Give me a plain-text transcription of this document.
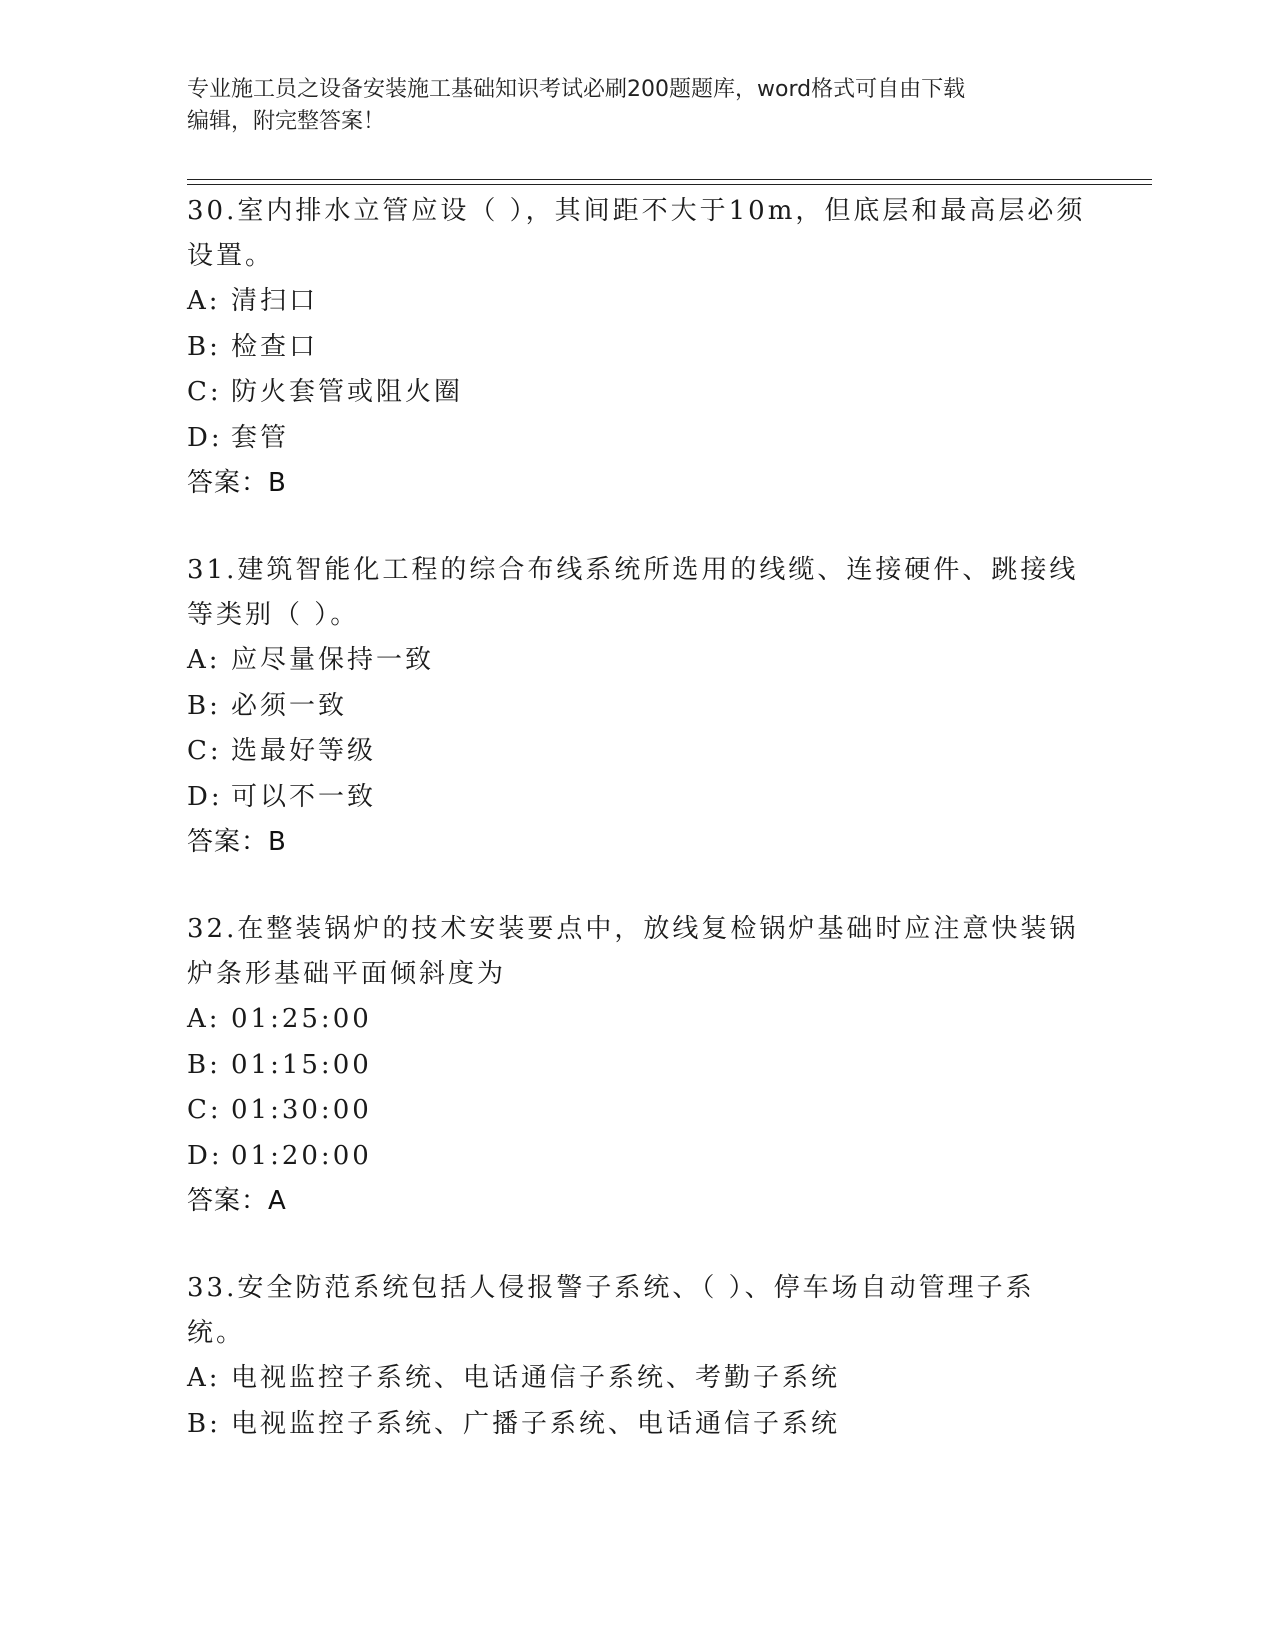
专业施工员之设备安装施工基础知识考试必刷200题题库，word格式可自由下载
编辑，附完整答案！
30.室内排水立管应设（ ），其间距不大于10m，但底层和最高层必须
设置。
A: 清扫口
B: 检查口
C: 防火套管或阻火圈
D: 套管
答案：B
31.建筑智能化工程的综合布线系统所选用的线缆、连接硬件、跳接线
等类别（ ）。
A: 应尽量保持一致
B: 必须一致
C: 选最好等级
D: 可以不一致
答案：B
32.在整装锅炉的技术安装要点中，放线复检锅炉基础时应注意快装锅
炉条形基础平面倾斜度为
A: 01:25:00
B: 01:15:00
C: 01:30:00
D: 01:20:00
答案：A
33.安全防范系统包括人侵报警子系统、（ ）、停车场自动管理子系
统。
A: 电视监控子系统、电话通信子系统、考勤子系统
B: 电视监控子系统、广播子系统、电话通信子系统
